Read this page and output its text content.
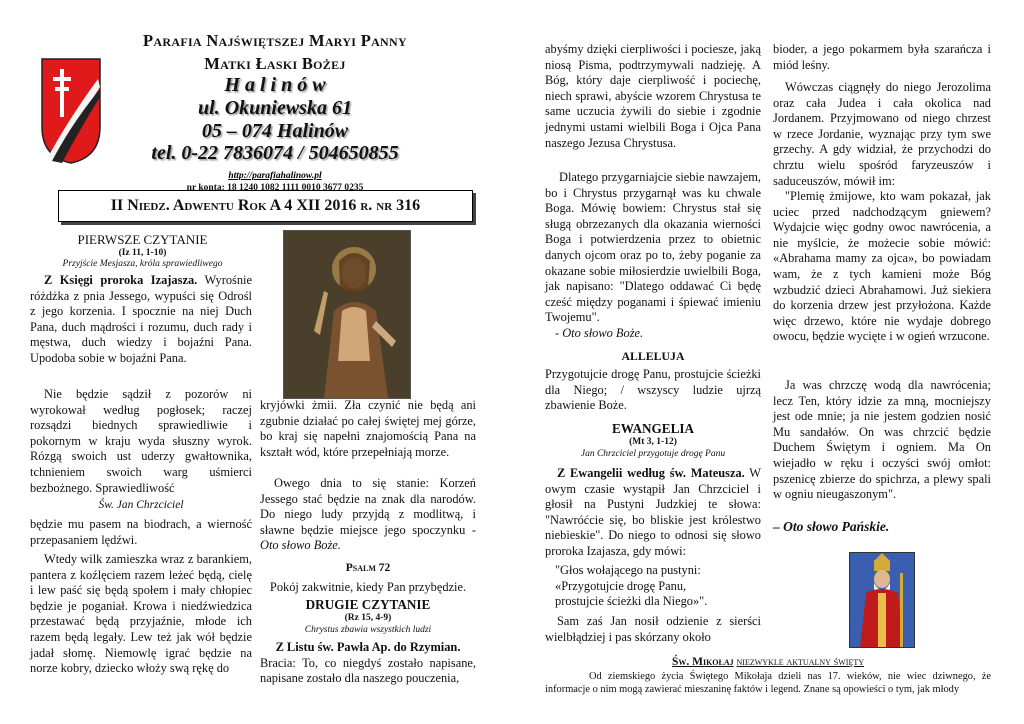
Parafia Najświętszej Maryi Panny
Matki Łaski Bożej
H a l i n ó w
ul. Okuniewska 61
05 – 074 Halinów
tel. 0-22 7836074 / 504650855
http://parafiahalinow.pl
nr konta: 18 1240 1082 1111 0010 3677 0235
II Niedz. Adwentu Rok A 4 XII 2016 r. nr 316
PIERWSZE CZYTANIE
(Iz 11, 1-10)
Przyjście Mesjasza, króla sprawiedliwego

Z Księgi proroka Izajasza. Wyrośnie różdżka z pnia Jessego, wypuści się Odrośl z jego korzenia. I spocznie na niej Duch Pana, duch mądrości i rozumu, duch rady i męstwa, duch wiedzy i bojaźni Pana. Upodoba sobie w bojaźni Pana.

Nie będzie sądził z pozorów ni wyrokował według pogłosek; raczej rozsądzi biednych sprawiedliwie i pokornym w kraju wyda słuszny wyrok. Rózgą swoich ust uderzy gwałtownika, tchnieniem swoich warg uśmierci bezbożnego. Sprawiedliwość

Św. Jan Chrzciciel

będzie mu pasem na biodrach, a wierność przepasaniem lędźwi.

Wtedy wilk zamieszka wraz z barankiem, pantera z koźlęciem razem leżeć będą, cielę i lew paść się będą społem i mały chłopiec będzie je poganiał. Krowa i niedźwiedzica przestawać będą przyjaźnie, młode ich razem będą legały. Lew też jak wół będzie jadał słomę. Niemowlę igrać będzie na norze kobry, dziecko włoży swą rękę do

kryjówki żmii. Zła czynić nie będą ani zgubnie działać po całej świętej mej górze, bo kraj się napełni znajomością Pana na kształt wód, które przepełniają morze.

Owego dnia to się stanie: Korzeń Jessego stać będzie na znak dla narodów. Do niego ludy przyjdą z modlitwą, i sławne będzie miejsce jego spoczynku - Oto słowo Boże.

Psalm 72
Pokój zakwitnie, kiedy Pan przybędzie.
DRUGIE CZYTANIE
(Rz 15, 4-9)
Chrystus zbawia wszystkich ludzi

Z Listu św. Pawła Ap. do Rzymian.

Bracia: To, co niegdyś zostało napisane, napisane zostało dla naszego pouczenia,

abyśmy dzięki cierpliwości i pociesze, jaką niosą Pisma, podtrzymywali nadzieję. A Bóg, który daje cierpliwość i pociechę, niech sprawi, abyście wzorem Chrystusa te same uczucia żywili do siebie i zgodnie jednymi ustami wielbili Boga i Ojca Pana naszego Jezusa Chrystusa.

Dlatego przygarniajcie siebie nawzajem, bo i Chrystus przygarnął was ku chwale Boga. Mówię bowiem: Chrystus stał się sługą obrzezanych dla okazania wierności Boga i potwierdzenia przez to obietnic danych ojcom oraz po to, żeby poganie za okazane sobie miłosierdzie uwielbili Boga, jak napisano: "Dlatego oddawać Ci będę cześć między poganami i śpiewać imieniu Twojemu".

- Oto słowo Boże.
ALLELUJA
Przygotujcie drogę Panu, prostujcie ścieżki dla Niego; / wszyscy ludzie ujrzą zbawienie Boże.
EWANGELIA
(Mt 3, 1-12)
Jan Chrzciciel przygotuje drogę Panu

Z Ewangelii według św. Mateusza. W owym czasie wystąpił Jan Chrzciciel i głosił na Pustyni Judzkiej te słowa: "Nawróćcie się, bo bliskie jest królestwo niebieskie". Do niego to odnosi się słowo proroka Izajasza, gdy mówi:

"Głos wołającego na pustyni:

«Przygotujcie drogę Panu,

prostujcie ścieżki dla Niego»".

Sam zaś Jan nosił odzienie z sierści wielbłądziej i pas skórzany około

bioder, a jego pokarmem była szarańcza i miód leśny.

Wówczas ciągnęły do niego Jerozolima oraz cała Judea i cała okolica nad Jordanem. Przyjmowano od niego chrzest w rzece Jordanie, wyznając przy tym swe grzechy. A gdy widział, że przychodzi do chrztu wielu spośród faryzeuszów i saduceuszów, mówił im:

"Plemię żmijowe, kto wam pokazał, jak uciec przed nadchodzącym gniewem? Wydajcie więc godny owoc nawrócenia, a nie myślcie, że możecie sobie mówić: «Abrahama mamy za ojca», bo powiadam wam, że z tych kamieni może Bóg wzbudzić dzieci Abrahamowi. Już siekiera do korzenia drzew jest przyłożona. Każde więc drzewo, które nie wydaje dobrego owocu, będzie wycięte i w ogień wrzucone.

Ja was chrzczę wodą dla nawrócenia; lecz Ten, który idzie za mną, mocniejszy jest ode mnie; ja nie jestem godzien nosić Mu sandałów. On was chrzcić będzie Duchem Świętym i ogniem. Ma On wiejadło w ręku i oczyści swój omłot: pszenicę zbierze do spichrza, a plewy spali w ogniu nieugaszonym".

– Oto słowo Pańskie.
Św. Mikołaj niezwykle aktualny święty
Od ziemskiego życia Świętego Mikołaja dzieli nas 17. wieków, nie wiec dziwnego, że informacje o nim mogą zawierać mieszaninę faktów i legend. Znane są opowieści o tym, jak młody
